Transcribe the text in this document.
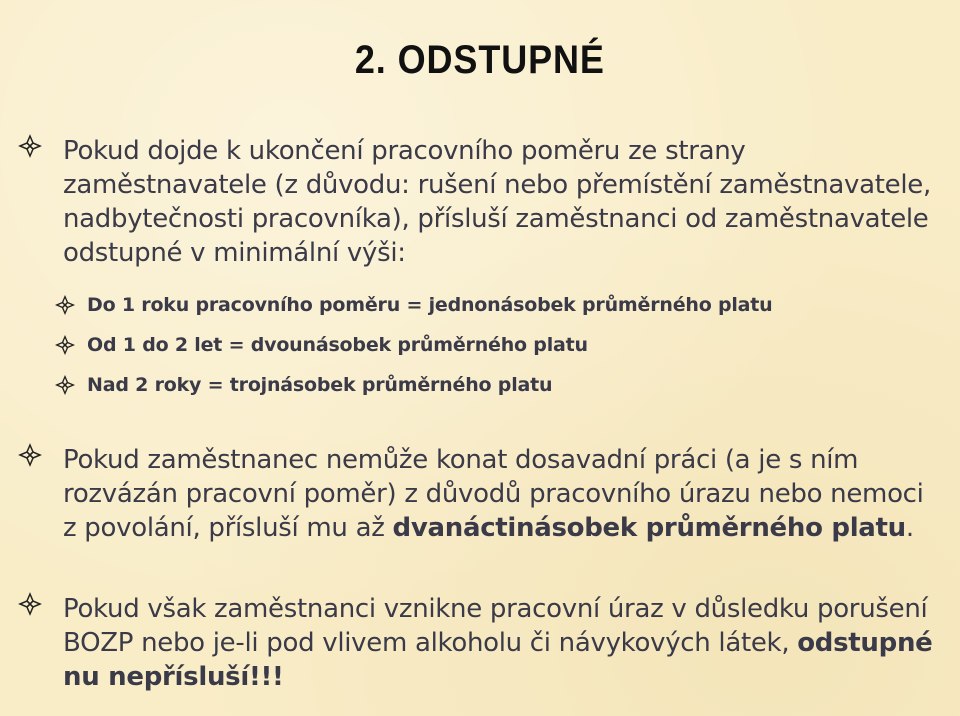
2. ODSTUPNÉ
Pokud dojde k ukončení pracovního poměru ze strany zaměstnavatele (z důvodu: rušení nebo přemístění zaměstnavatele, nadbytečnosti pracovníka), přísluší zaměstnanci od zaměstnavatele odstupné v minimální výši:
Do 1 roku pracovního poměru = jednonásobek průměrného platu
Od 1 do 2 let = dvounásobek průměrného platu
Nad 2 roky = trojnásobek průměrného platu
Pokud zaměstnanec nemůže konat dosavadní práci (a je s ním rozvázán pracovní poměr) z důvodů pracovního úrazu nebo nemoci z povolání, přísluší mu až dvanáctinásobek průměrného platu.
Pokud však zaměstnanci vznikne pracovní úraz v důsledku porušení BOZP nebo je-li pod vlivem alkoholu či návykových látek, odstupné nu nepřísluší!!!
